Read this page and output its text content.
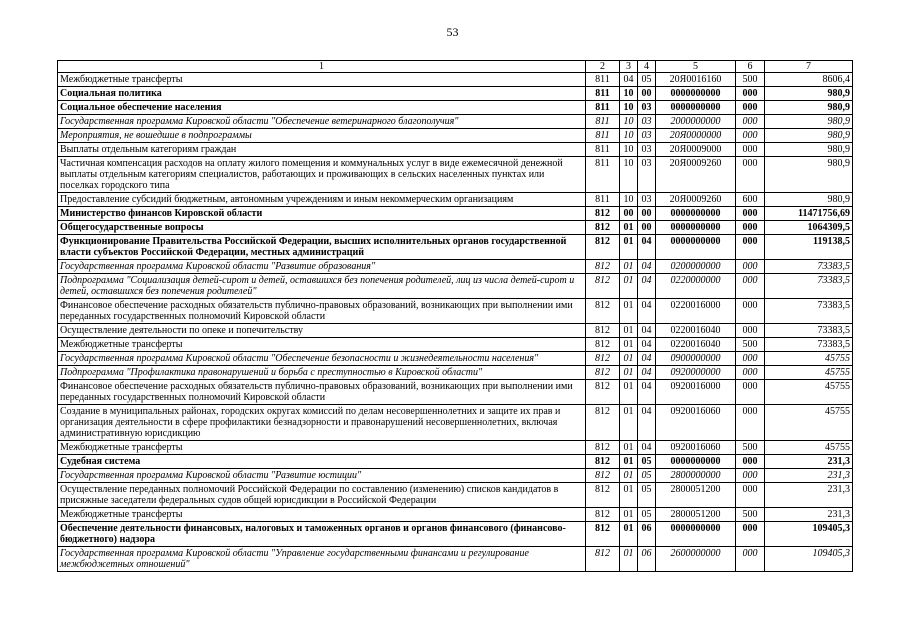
53
1	2	3	4	5	6	7
Межбюджетные трансферты	811	04	05	20Я0016160	500	8606,4
Социальная политика	811	10	00	0000000000	000	980,9
Социальное обеспечение населения	811	10	03	0000000000	000	980,9
Государственная программа Кировской области "Обеспечение ветеринарного благополучия"	811	10	03	2000000000	000	980,9
Мероприятия, не вошедшие в подпрограммы	811	10	03	20Я0000000	000	980,9
Выплаты отдельным категориям граждан	811	10	03	20Я0009000	000	980,9
Частичная компенсация расходов на оплату жилого помещения и коммунальных услуг в виде ежемесячной денежной выплаты отдельным категориям специалистов, работающих и проживающих в сельских населенных пунктах или поселках городского типа	811	10	03	20Я0009260	000	980,9
Предоставление субсидий бюджетным, автономным учреждениям и иным некоммерческим организациям	811	10	03	20Я0009260	600	980,9
Министерство финансов Кировской области	812	00	00	0000000000	000	11471756,69
Общегосударственные вопросы	812	01	00	0000000000	000	1064309,5
Функционирование Правительства Российской Федерации, высших исполнительных органов государственной власти субъектов Российской Федерации, местных администраций	812	01	04	0000000000	000	119138,5
Государственная программа Кировской области "Развитие образования"	812	01	04	0200000000	000	73383,5
Подпрограмма "Социализация детей-сирот и детей, оставшихся без попечения родителей, лиц из числа детей-сирот и детей, оставшихся без попечения родителей"	812	01	04	0220000000	000	73383,5
Финансовое обеспечение расходных обязательств публично-правовых образований, возникающих при выполнении ими переданных государственных полномочий Кировской области	812	01	04	0220016000	000	73383,5
Осуществление деятельности по опеке и попечительству	812	01	04	0220016040	000	73383,5
Межбюджетные трансферты	812	01	04	0220016040	500	73383,5
Государственная программа Кировской области "Обеспечение безопасности и жизнедеятельности населения"	812	01	04	0900000000	000	45755
Подпрограмма "Профилактика правонарушений и борьба с преступностью в Кировской области"	812	01	04	0920000000	000	45755
Финансовое обеспечение расходных обязательств публично-правовых образований, возникающих при выполнении ими переданных государственных полномочий Кировской области	812	01	04	0920016000	000	45755
Создание в муниципальных районах, городских округах комиссий по делам несовершеннолетних и защите их прав и организация деятельности в сфере профилактики безнадзорности и правонарушений несовершеннолетних, включая административную юрисдикцию	812	01	04	0920016060	000	45755
Межбюджетные трансферты	812	01	04	0920016060	500	45755
Судебная система	812	01	05	0000000000	000	231,3
Государственная программа Кировской области "Развитие юстиции"	812	01	05	2800000000	000	231,3
Осуществление переданных полномочий Российской Федерации по составлению (изменению) списков кандидатов в присяжные заседатели федеральных судов общей юрисдикции в Российской Федерации	812	01	05	2800051200	000	231,3
Межбюджетные трансферты	812	01	05	2800051200	500	231,3
Обеспечение деятельности финансовых, налоговых и таможенных органов и органов финансового (финансово-бюджетного) надзора	812	01	06	0000000000	000	109405,3
Государственная программа Кировской области "Управление государственными финансами и регулирование межбюджетных отношений"	812	01	06	2600000000	000	109405,3
